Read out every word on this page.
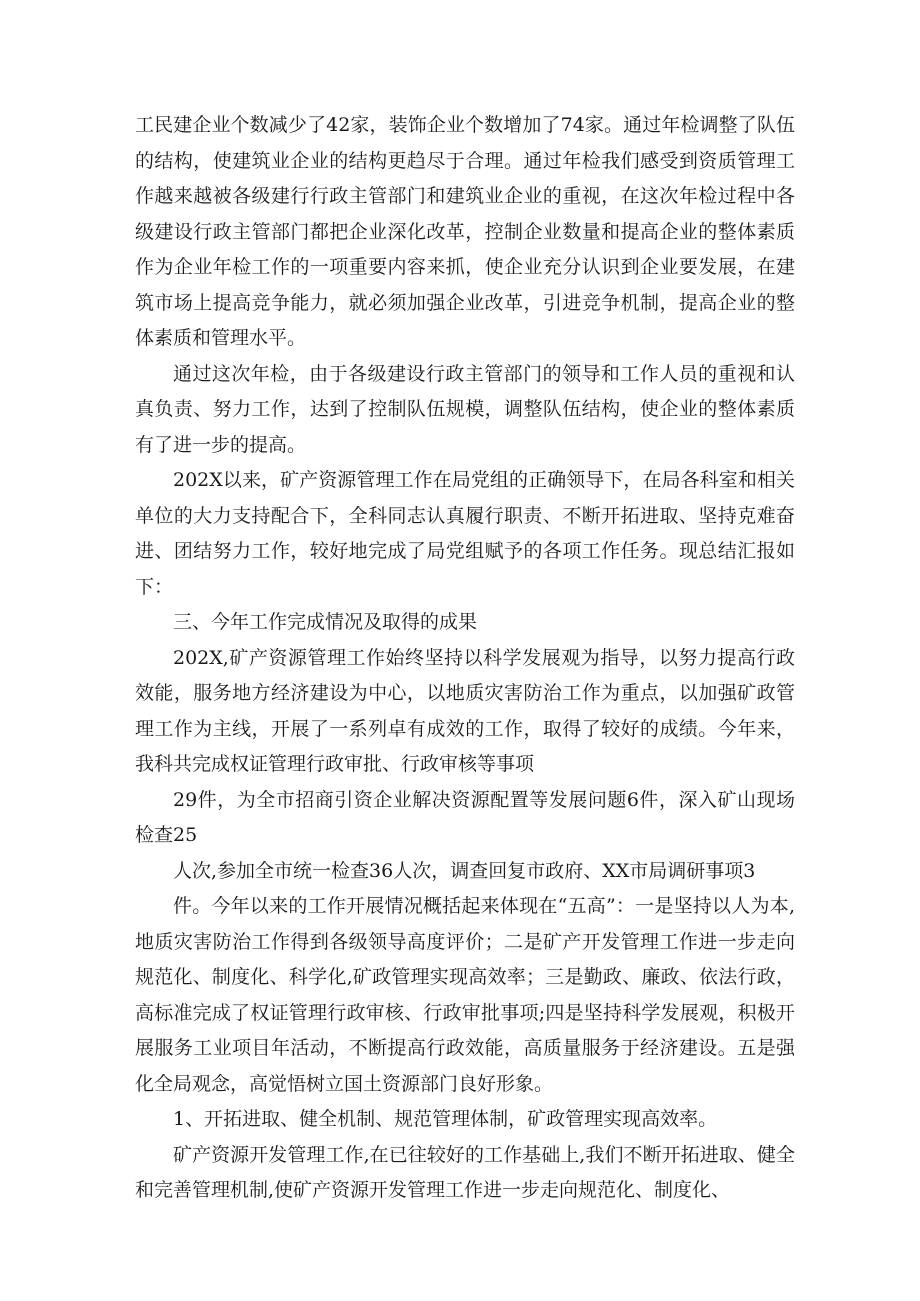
工民建企业个数减少了42家，装饰企业个数增加了74家。通过年检调整了队伍的结构，使建筑业企业的结构更趋尽于合理。通过年检我们感受到资质管理工作越来越被各级建行行政主管部门和建筑业企业的重视，在这次年检过程中各级建设行政主管部门都把企业深化改革，控制企业数量和提高企业的整体素质作为企业年检工作的一项重要内容来抓，使企业充分认识到企业要发展，在建筑市场上提高竞争能力，就必须加强企业改革，引进竞争机制，提高企业的整体素质和管理水平。

通过这次年检，由于各级建设行政主管部门的领导和工作人员的重视和认真负责、努力工作，达到了控制队伍规模，调整队伍结构，使企业的整体素质有了进一步的提高。

202X以来，矿产资源管理工作在局党组的正确领导下，在局各科室和相关单位的大力支持配合下，全科同志认真履行职责、不断开拓进取、坚持克难奋进、团结努力工作，较好地完成了局党组赋予的各项工作任务。现总结汇报如下：

三、今年工作完成情况及取得的成果

202X,矿产资源管理工作始终坚持以科学发展观为指导，以努力提高行政效能，服务地方经济建设为中心，以地质灾害防治工作为重点，以加强矿政管理工作为主线，开展了一系列卓有成效的工作，取得了较好的成绩。今年来，我科共完成权证管理行政审批、行政审核等事项

29件，为全市招商引资企业解决资源配置等发展问题6件，深入矿山现场检查25

人次,参加全市统一检查36人次，调查回复市政府、XX市局调研事项3

件。今年以来的工作开展情况概括起来体现在“五高”：一是坚持以人为本,地质灾害防治工作得到各级领导高度评价；二是矿产开发管理工作进一步走向规范化、制度化、科学化,矿政管理实现高效率；三是勤政、廉政、依法行政，高标准完成了权证管理行政审核、行政审批事项;四是坚持科学发展观，积极开展服务工业项目年活动，不断提高行政效能，高质量服务于经济建设。五是强化全局观念，高觉悟树立国土资源部门良好形象。

1、开拓进取、健全机制、规范管理体制，矿政管理实现高效率。

矿产资源开发管理工作,在已往较好的工作基础上,我们不断开拓进取、健全和完善管理机制,使矿产资源开发管理工作进一步走向规范化、制度化、
